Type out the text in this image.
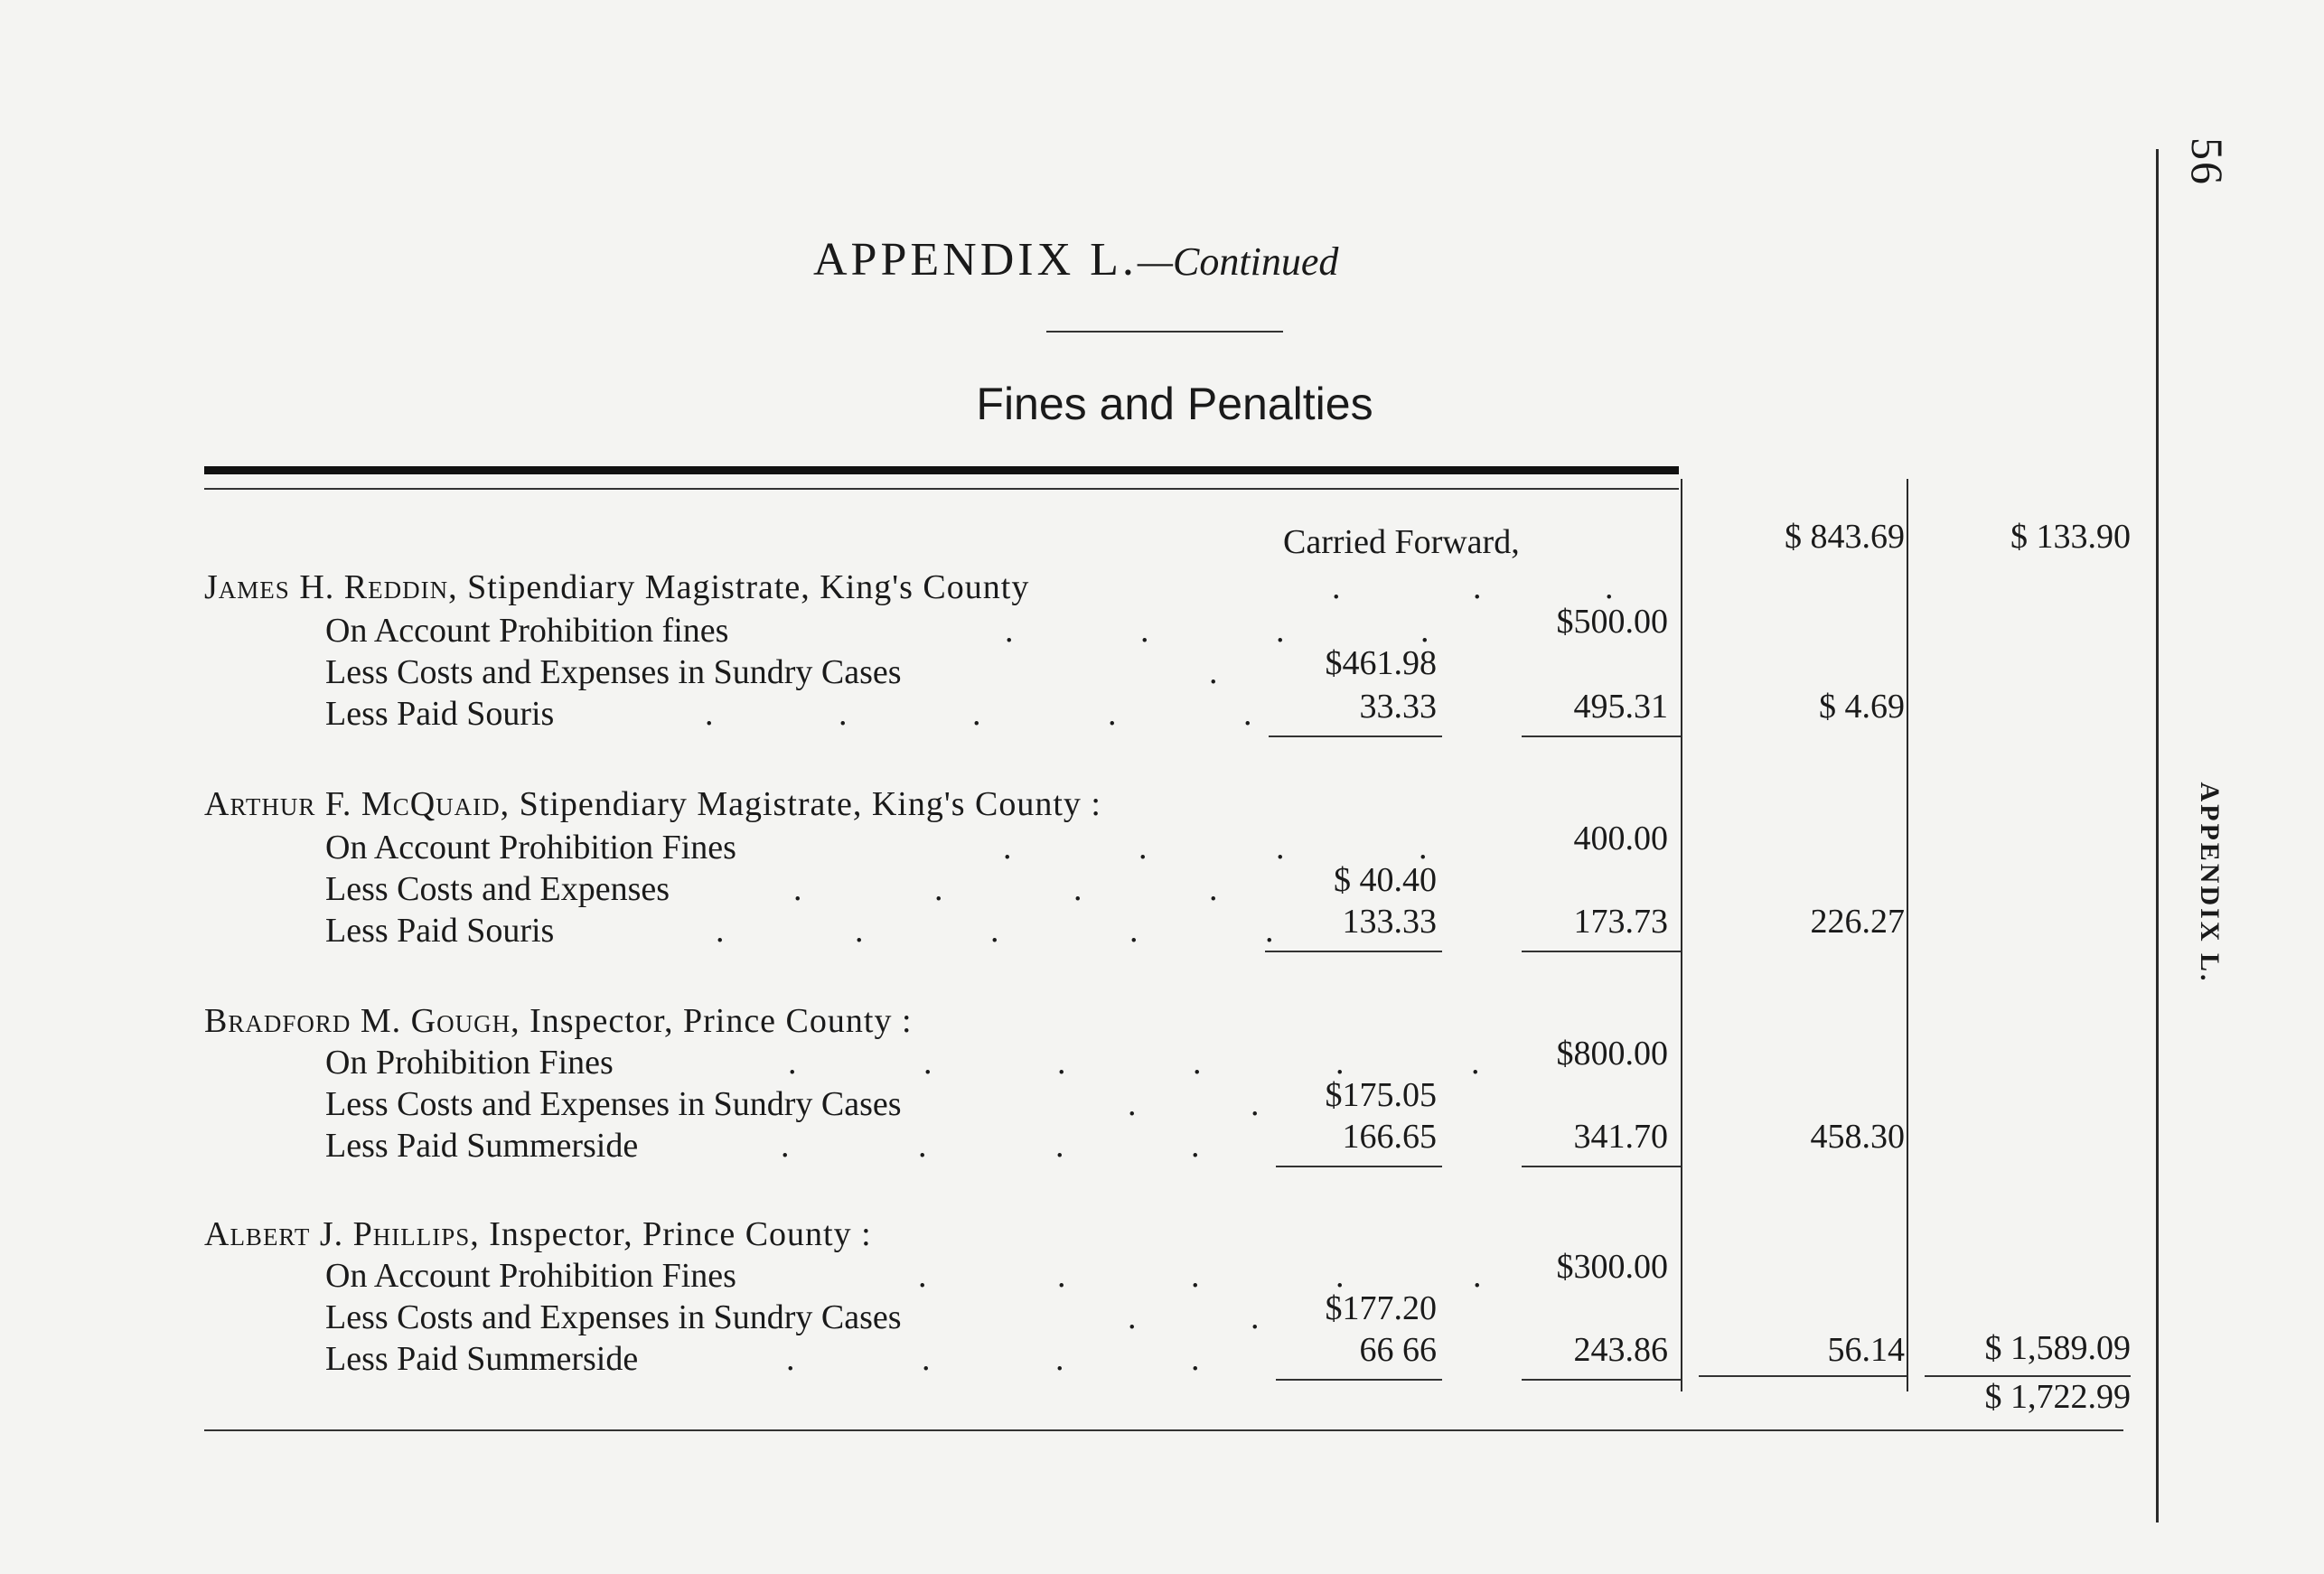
56
APPENDIX L.
APPENDIX L.—Continued
Fines and Penalties
Carried Forward,	$ 843.69	$ 133.90
James H. Reddin, Stipendiary Magistrate, King's County	.	.	.
On Account Prohibition fines	.	.	.	.	$500.00
Less Costs and Expenses in Sundry Cases	.	$461.98
Less Paid Souris	.	.	.	.	.	33.33	495.31	$ 4.69
Arthur F. McQuaid, Stipendiary Magistrate, King's County :
On Account Prohibition Fines	.	.	.	.	400.00
Less Costs and Expenses	.	.	.	.	$ 40.40
Less Paid Souris	.	.	.	.	.	133.33	173.73	226.27
Bradford M. Gough, Inspector, Prince County :
On Prohibition Fines	.	.	.	.	.	.	$800.00
Less Costs and Expenses in Sundry Cases	.	.	$175.05
Less Paid Summerside	.	.	.	.	166.65	341.70	458.30
Albert J. Phillips, Inspector, Prince County :
On Account Prohibition Fines	.	.	.	.	.	$300.00
Less Costs and Expenses in Sundry Cases	.	.	$177.20
Less Paid Summerside	.	.	.	.	66 66	243.86	56.14	$ 1,589.09
$ 1,722.99
